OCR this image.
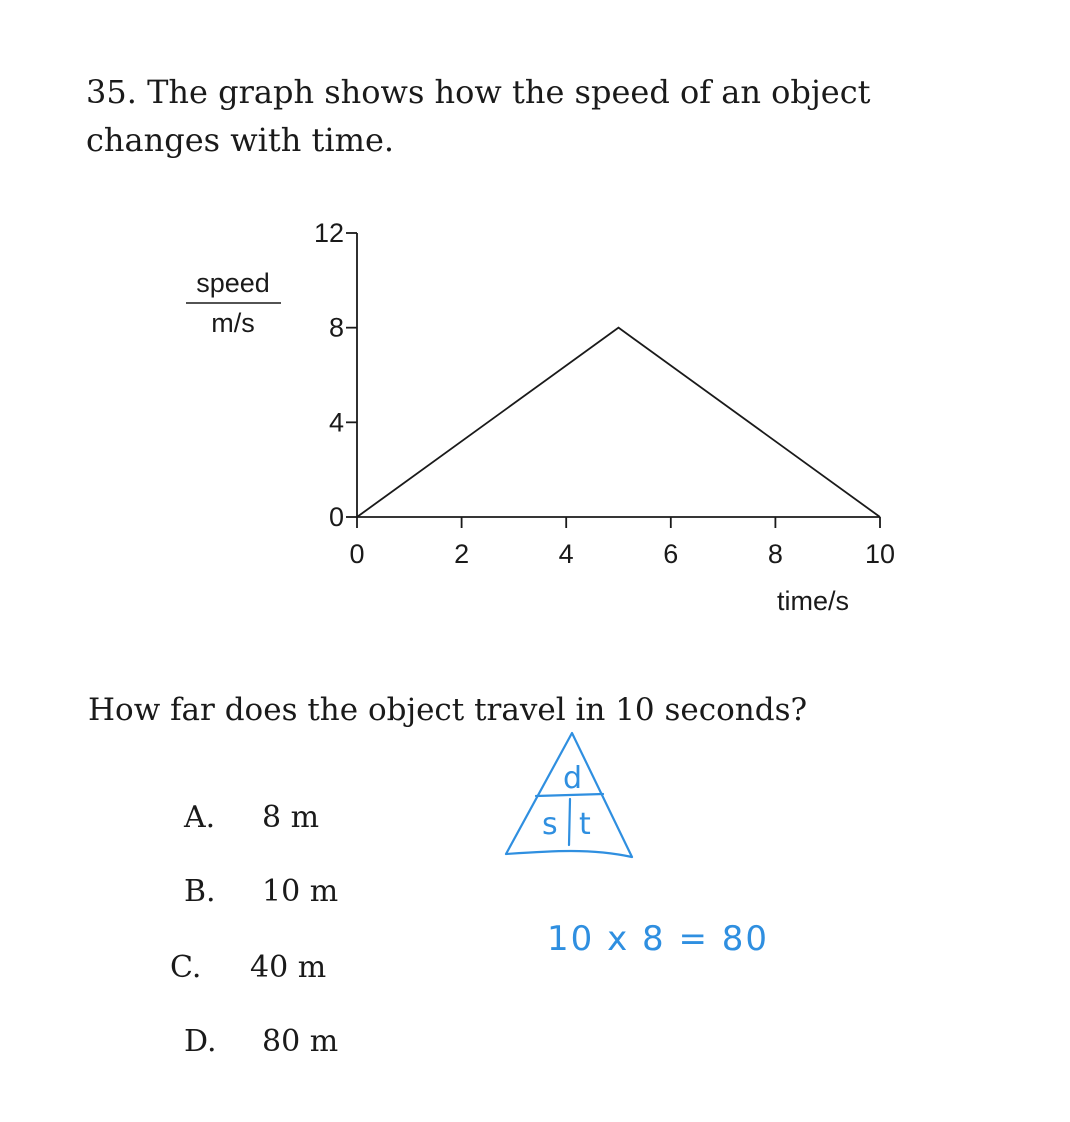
35. The graph shows how the speed of an object
changes with time.
0
4
8
12
0	2	4	6	8	10
speed
m/s
time/s
How far does the object travel in 10 seconds?
A. 8 m
B. 10 m
C. 40 m
D. 80 m
d
s t
10 x 8 = 80
